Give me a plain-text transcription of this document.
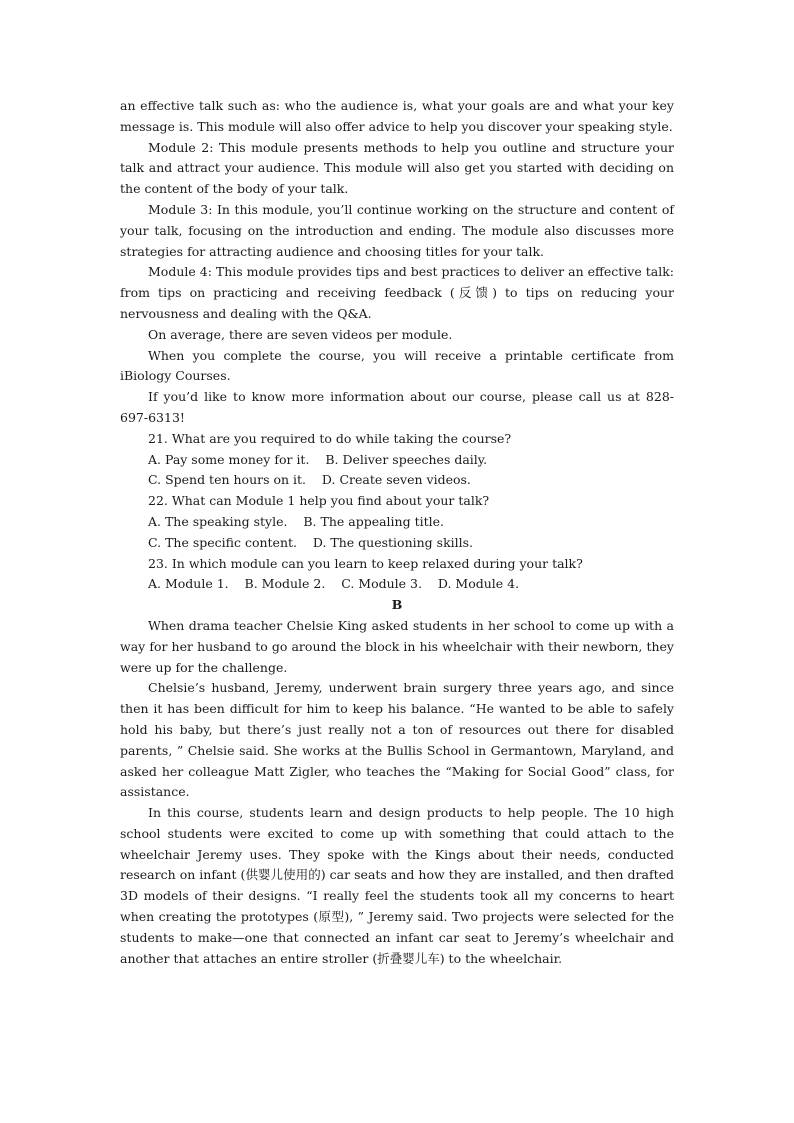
an effective talk such as: who the audience is, what your goals are and what your key message is. This module will also offer advice to help you discover your speaking style.

Module 2: This module presents methods to help you outline and structure your talk and attract your audience. This module will also get you started with deciding on the content of the body of your talk.

Module 3: In this module, you’ll continue working on the structure and content of your talk, focusing on the introduction and ending. The module also discusses more strategies for attracting audience and choosing titles for your talk.

Module 4: This module provides tips and best practices to deliver an effective talk: from tips on practicing and receiving feedback (反馈) to tips on reducing your nervousness and dealing with the Q&A.

On average, there are seven videos per module.

When you complete the course, you will receive a printable certificate from iBiology Courses.

If you’d like to know more information about our course, please call us at 828-697-6313!

21. What are you required to do while taking the course?

A. Pay some money for it.    B. Deliver speeches daily.

C. Spend ten hours on it.    D. Create seven videos.

22. What can Module 1 help you find about your talk?

A. The speaking style.    B. The appealing title.

C. The specific content.    D. The questioning skills.

23. In which module can you learn to keep relaxed during your talk?

A. Module 1.    B. Module 2.    C. Module 3.    D. Module 4.

B

When drama teacher Chelsie King asked students in her school to come up with a way for her husband to go around the block in his wheelchair with their newborn, they were up for the challenge.

Chelsie’s husband, Jeremy, underwent brain surgery three years ago, and since then it has been difficult for him to keep his balance. “He wanted to be able to safely hold his baby, but there’s just really not a ton of resources out there for disabled parents, ” Chelsie said. She works at the Bullis School in Germantown, Maryland, and asked her colleague Matt Zigler, who teaches the “Making for Social Good” class, for assistance.

In this course, students learn and design products to help people. The 10 high school students were excited to come up with something that could attach to the wheelchair Jeremy uses. They spoke with the Kings about their needs, conducted research on infant (供婴儿使用的) car seats and how they are installed, and then drafted 3D models of their designs. “I really feel the students took all my concerns to heart when creating the prototypes (原型), ” Jeremy said. Two projects were selected for the students to make—one that connected an infant car seat to Jeremy’s wheelchair and another that attaches an entire stroller (折叠婴儿车) to the wheelchair.
